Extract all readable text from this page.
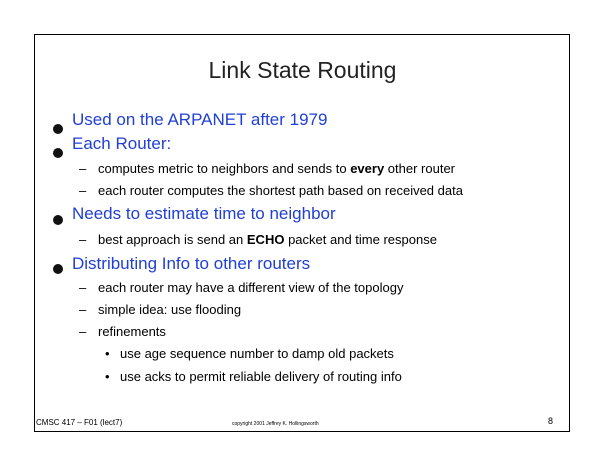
Link State Routing
Used on the ARPANET after 1979
Each Router:
– computes metric to neighbors and sends to every other router
– each router computes the shortest path based on received data
Needs to estimate time to neighbor
– best approach is send an ECHO packet and time response
Distributing Info to other routers
– each router may have a different view of the topology
– simple idea: use flooding
– refinements
• use age sequence number to damp old packets
• use acks to permit reliable delivery of routing info
CMSC 417 – F01 (lect7)	copyright 2001 Jeffrey K. Hollingsworth	8
